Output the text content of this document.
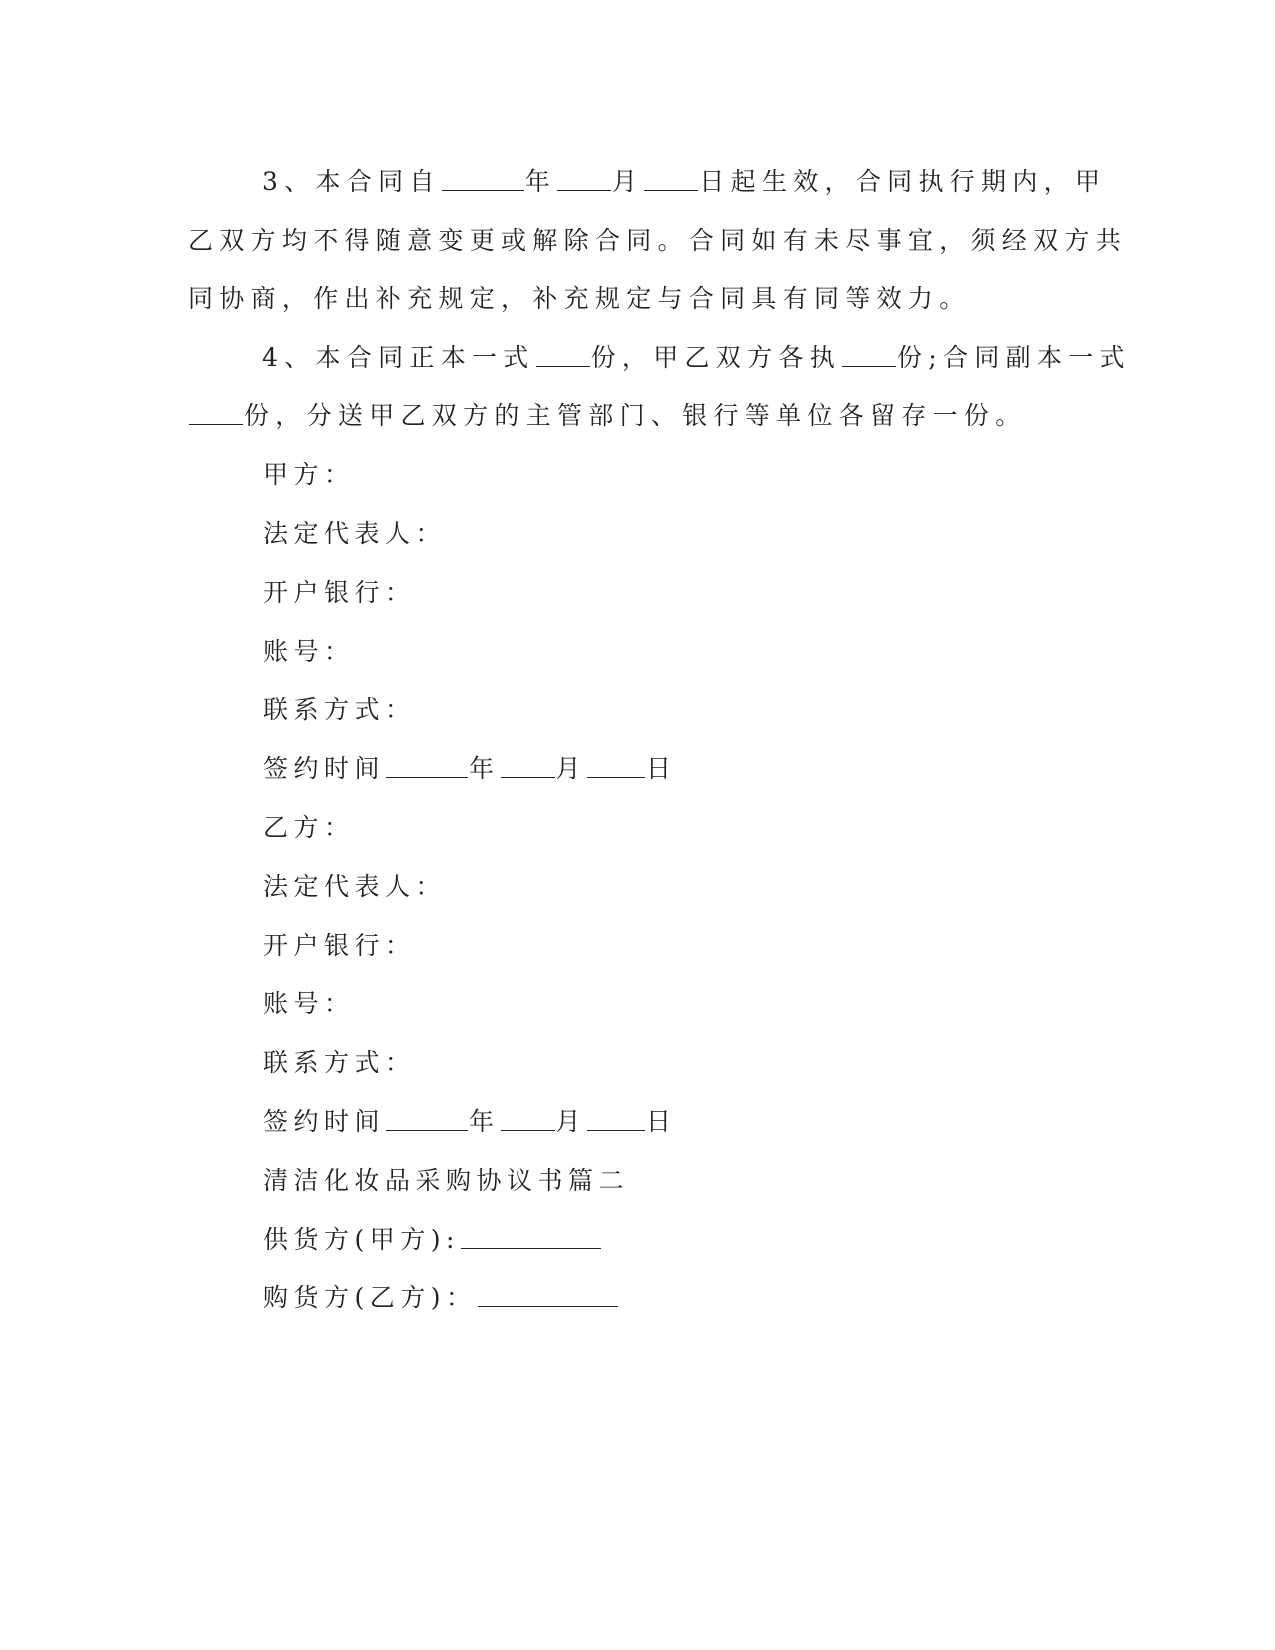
3、本合同自	年 月 日起生效，合同执行期内，甲
乙双方均不得随意变更或解除合同。合同如有未尽事宜，须经双方共
同协商，作出补充规定，补充规定与合同具有同等效力。
4、本合同正本一式 份，甲乙双方各执 份;合同副本一式
份，分送甲乙双方的主管部门、银行等单位各留存一份。
甲方：
法定代表人：
开户银行：
账号：
联系方式：
签约时间	年 月 日
乙方：
法定代表人：
开户银行：
账号：
联系方式：
签约时间	年 月 日
清洁化妆品采购协议书篇二
供货方(甲方):
购货方(乙方)：
